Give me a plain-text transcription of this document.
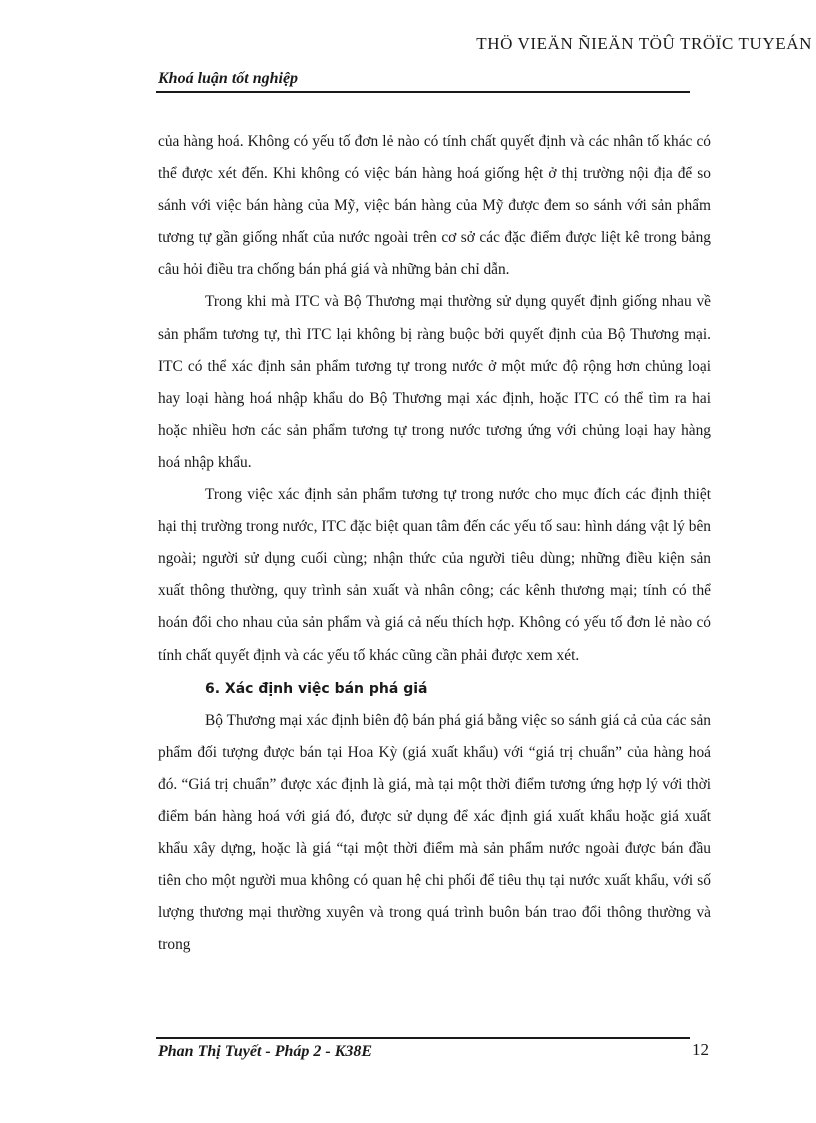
THÖ VIEÄN ÑIEÄN TÖÛ TRÖÏC TUYEÁN
Khoá luận tốt nghiệp

của hàng hoá. Không có yếu tố đơn lẻ nào có tính chất quyết định và các nhân tố khác có thể được xét đến. Khi không có việc bán hàng hoá giống hệt ở thị trường nội địa để so sánh với việc bán hàng của Mỹ, việc bán hàng của Mỹ được đem so sánh với sản phẩm tương tự gần giống nhất của nước ngoài trên cơ sở các đặc điểm được liệt kê trong bảng câu hỏi điều tra chống bán phá giá và những bản chỉ dẫn.

Trong khi mà ITC và Bộ Thương mại thường sử dụng quyết định giống nhau về sản phẩm tương tự, thì ITC lại không bị ràng buộc bởi quyết định của Bộ Thương mại. ITC có thể xác định sản phẩm tương tự trong nước ở một mức độ rộng hơn chủng loại hay loại hàng hoá nhập khẩu do Bộ Thương mại xác định, hoặc ITC có thể tìm ra hai hoặc nhiều hơn các sản phẩm tương tự trong nước tương ứng với chủng loại hay hàng hoá nhập khẩu.

Trong việc xác định sản phẩm tương tự trong nước cho mục đích các định thiệt hại thị trường trong nước, ITC đặc biệt quan tâm đến các yếu tố sau: hình dáng vật lý bên ngoài; người sử dụng cuối cùng; nhận thức của người tiêu dùng; những điều kiện sản xuất thông thường, quy trình sản xuất và nhân công; các kênh thương mại; tính có thể hoán đổi cho nhau của sản phẩm và giá cả nếu thích hợp. Không có yếu tố đơn lẻ nào có tính chất quyết định và các yếu tố khác cũng cần phải được xem xét.

6. Xác định việc bán phá giá

Bộ Thương mại xác định biên độ bán phá giá bằng việc so sánh giá cả của các sản phẩm đối tượng được bán tại Hoa Kỳ (giá xuất khẩu) với “giá trị chuẩn” của hàng hoá đó. “Giá trị chuẩn” được xác định là giá, mà tại một thời điểm tương ứng hợp lý với thời điểm bán hàng hoá với giá đó, được sử dụng để xác định giá xuất khẩu hoặc giá xuất khẩu xây dựng, hoặc là giá “tại một thời điểm mà sản phẩm nước ngoài được bán đầu tiên cho một người mua không có quan hệ chi phối để tiêu thụ tại nước xuất khẩu, với số lượng thương mại thường xuyên và trong quá trình buôn bán trao đổi thông thường và trong

Phan Thị Tuyết - Pháp 2 - K38E	12
